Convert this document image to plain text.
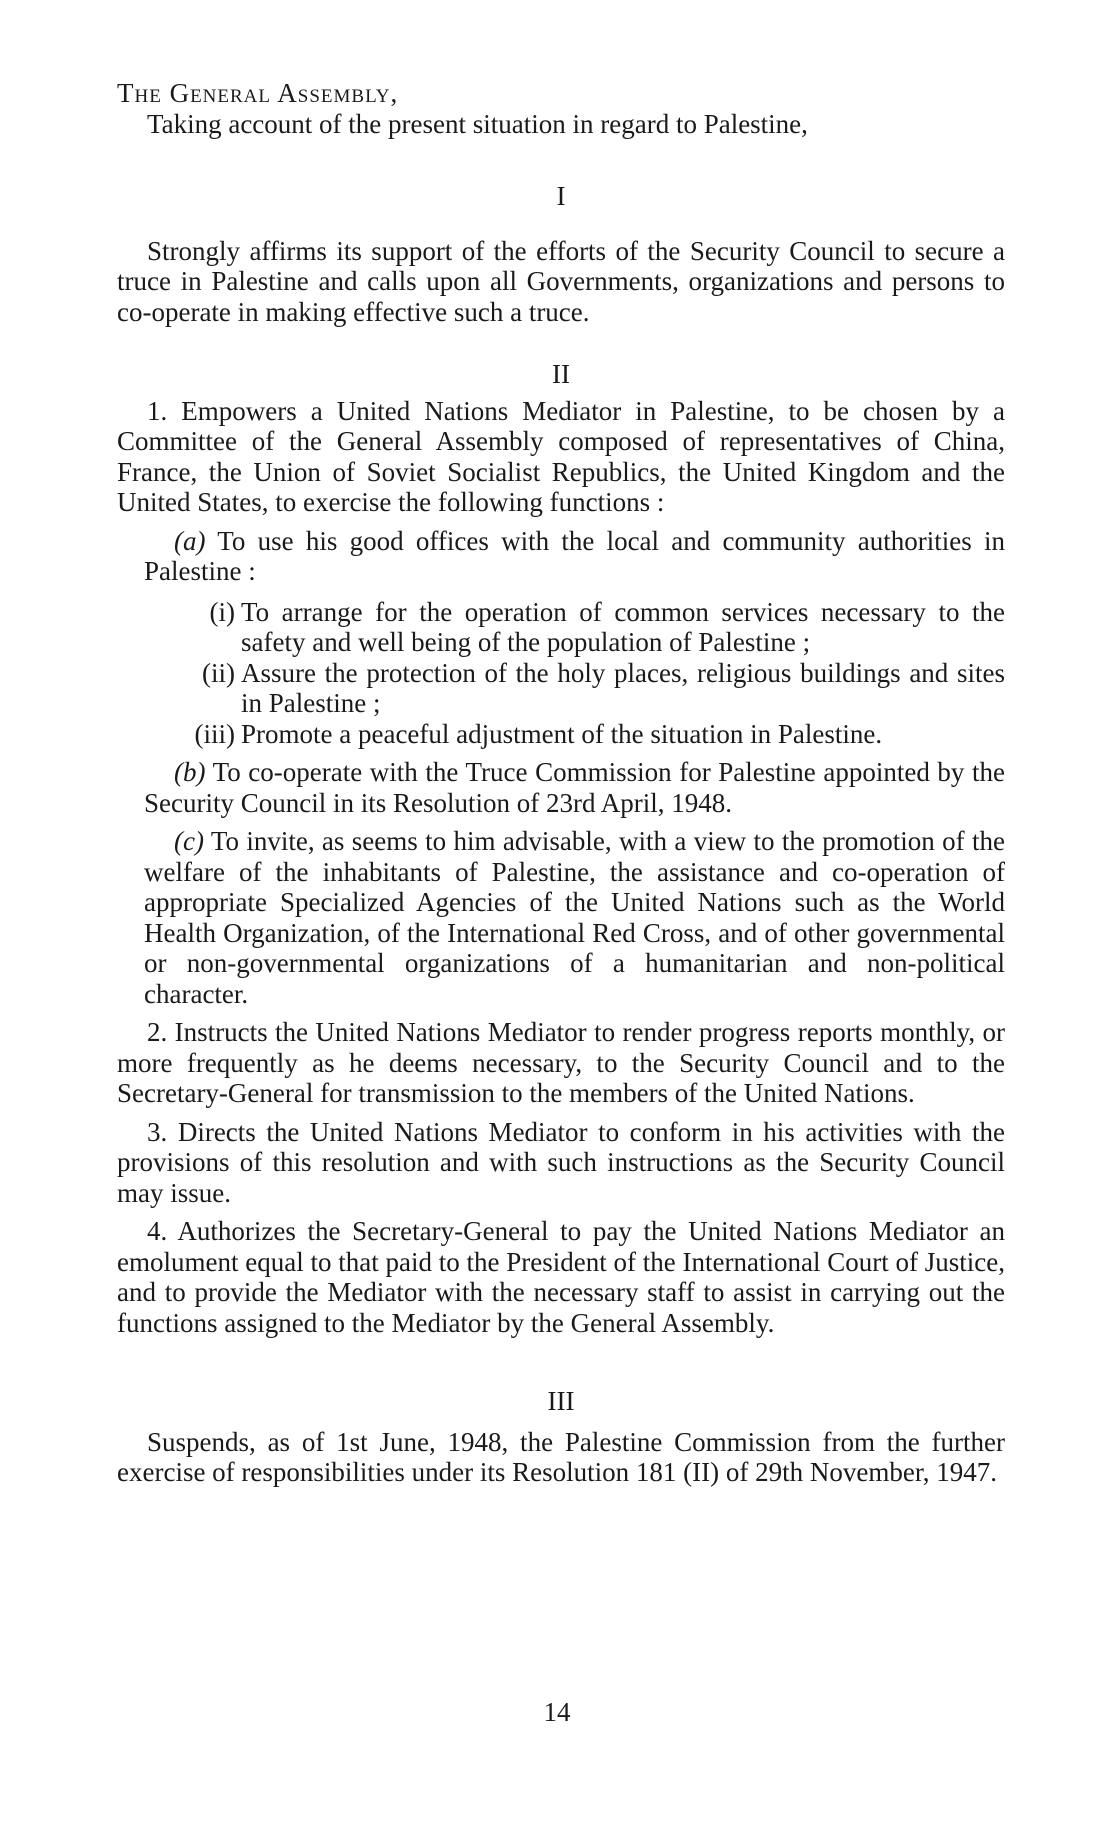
The General Assembly,

Taking account of the present situation in regard to Palestine,

I

Strongly affirms its support of the efforts of the Security Council to secure a truce in Palestine and calls upon all Governments, organizations and persons to co-operate in making effective such a truce.

II

1. Empowers a United Nations Mediator in Palestine, to be chosen by a Committee of the General Assembly composed of representatives of China, France, the Union of Soviet Socialist Republics, the United Kingdom and the United States, to exercise the following functions :

(a) To use his good offices with the local and community authorities in Palestine :

(i) To arrange for the operation of common services necessary to the safety and well being of the population of Palestine ;
(ii) Assure the protection of the holy places, religious buildings and sites in Palestine ;
(iii) Promote a peaceful adjustment of the situation in Palestine.

(b) To co-operate with the Truce Commission for Palestine appointed by the Security Council in its Resolution of 23rd April, 1948.

(c) To invite, as seems to him advisable, with a view to the promotion of the welfare of the inhabitants of Palestine, the assistance and co-operation of appropriate Specialized Agencies of the United Nations such as the World Health Organization, of the International Red Cross, and of other governmental or non-governmental organizations of a humanitarian and non-political character.

2. Instructs the United Nations Mediator to render progress reports monthly, or more frequently as he deems necessary, to the Security Council and to the Secretary-General for transmission to the members of the United Nations.

3. Directs the United Nations Mediator to conform in his activities with the provisions of this resolution and with such instructions as the Security Council may issue.

4. Authorizes the Secretary-General to pay the United Nations Mediator an emolument equal to that paid to the President of the International Court of Justice, and to provide the Mediator with the necessary staff to assist in carrying out the functions assigned to the Mediator by the General Assembly.

III

Suspends, as of 1st June, 1948, the Palestine Commission from the further exercise of responsibilities under its Resolution 181 (II) of 29th November, 1947.

14
